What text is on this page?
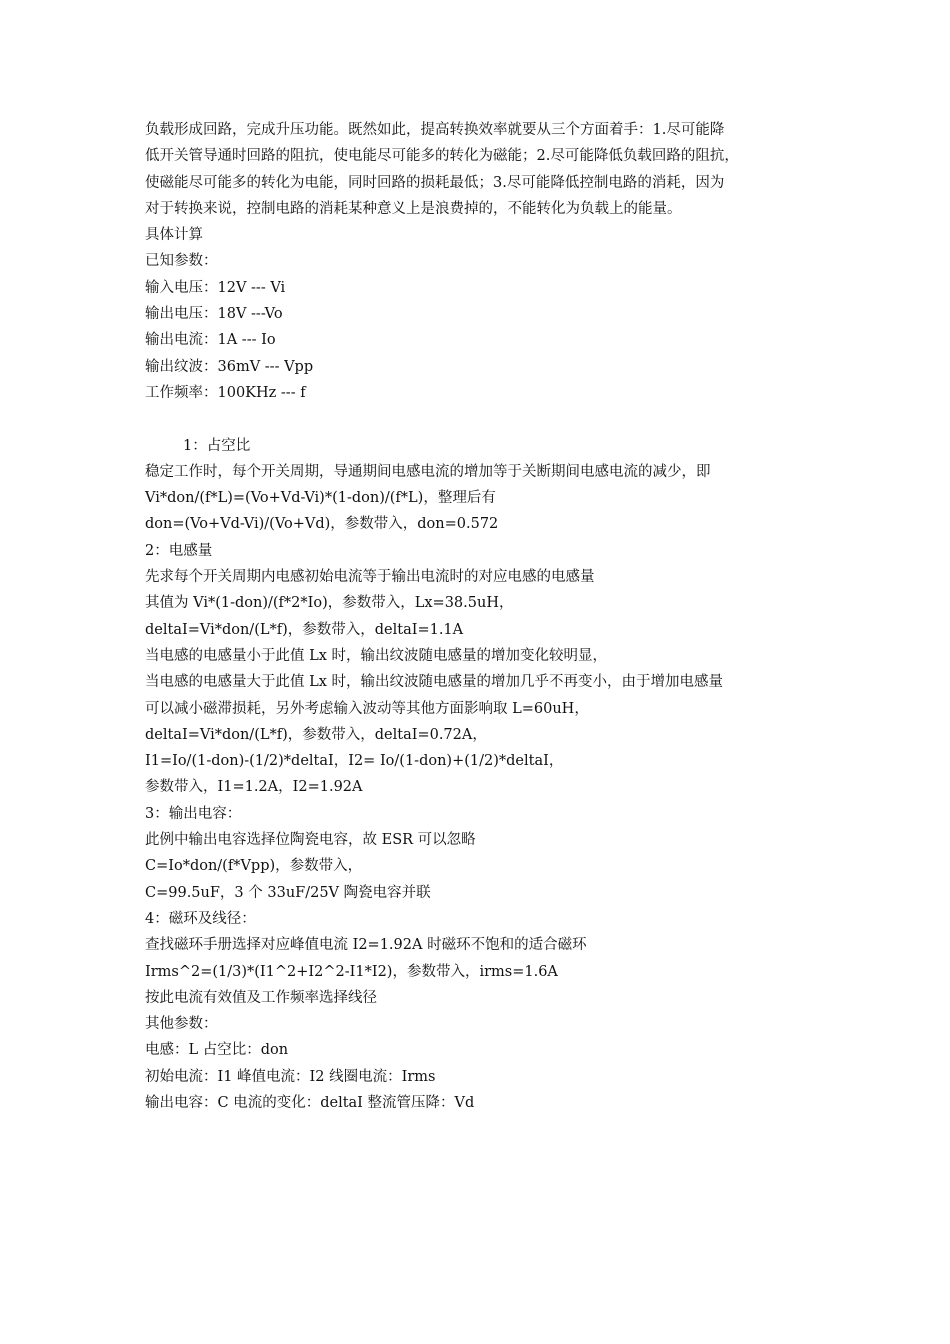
负载形成回路，完成升压功能。既然如此，提高转换效率就要从三个方面着手：1.尽可能降
低开关管导通时回路的阻抗，使电能尽可能多的转化为磁能；2.尽可能降低负载回路的阻抗，
使磁能尽可能多的转化为电能，同时回路的损耗最低；3.尽可能降低控制电路的消耗，因为
对于转换来说，控制电路的消耗某种意义上是浪费掉的，不能转化为负载上的能量。
具体计算
已知参数：
输入电压：12V --- Vi
输出电压：18V ---Vo
输出电流：1A --- Io
输出纹波：36mV --- Vpp
工作频率：100KHz --- f
1：占空比
稳定工作时，每个开关周期，导通期间电感电流的增加等于关断期间电感电流的减少，即
Vi*don/(f*L)=(Vo+Vd-Vi)*(1-don)/(f*L)，整理后有
don=(Vo+Vd-Vi)/(Vo+Vd)，参数带入，don=0.572
2：电感量
先求每个开关周期内电感初始电流等于输出电流时的对应电感的电感量
其值为 Vi*(1-don)/(f*2*Io)，参数带入，Lx=38.5uH，
deltaI=Vi*don/(L*f)，参数带入，deltaI=1.1A
当电感的电感量小于此值 Lx 时，输出纹波随电感量的增加变化较明显，
当电感的电感量大于此值 Lx 时，输出纹波随电感量的增加几乎不再变小，由于增加电感量
可以减小磁滞损耗，另外考虑输入波动等其他方面影响取 L=60uH，
deltaI=Vi*don/(L*f)，参数带入，deltaI=0.72A，
I1=Io/(1-don)-(1/2)*deltaI，I2= Io/(1-don)+(1/2)*deltaI，
参数带入，I1=1.2A，I2=1.92A
3：输出电容：
此例中输出电容选择位陶瓷电容，故 ESR 可以忽略
C=Io*don/(f*Vpp)，参数带入，
C=99.5uF，3 个 33uF/25V 陶瓷电容并联
4：磁环及线径：
查找磁环手册选择对应峰值电流 I2=1.92A 时磁环不饱和的适合磁环
Irms^2=(1/3)*(I1^2+I2^2-I1*I2)，参数带入，irms=1.6A
按此电流有效值及工作频率选择线径
其他参数：
电感：L 占空比：don
初始电流：I1 峰值电流：I2 线圈电流：Irms
输出电容：C 电流的变化：deltaI 整流管压降：Vd
